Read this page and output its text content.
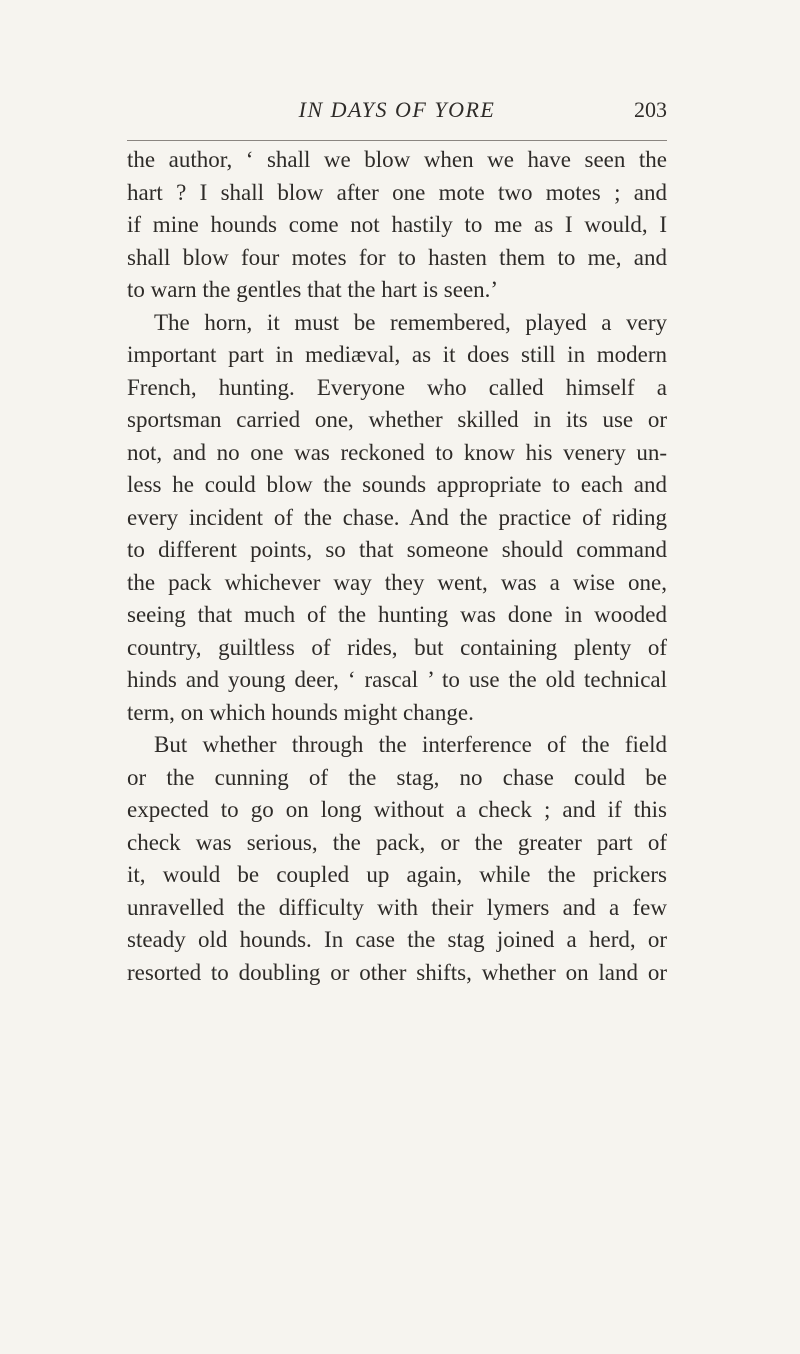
IN DAYS OF YORE	203
the author, ‘ shall we blow when we have seen the
hart ? I shall blow after one mote two motes ; and
if mine hounds come not hastily to me as I would, I
shall blow four motes for to hasten them to me, and
to warn the gentles that the hart is seen.’
The horn, it must be remembered, played a very
important part in mediæval, as it does still in modern
French, hunting. Everyone who called himself a
sportsman carried one, whether skilled in its use or
not, and no one was reckoned to know his venery un-
less he could blow the sounds appropriate to each and
every incident of the chase. And the practice of riding
to different points, so that someone should command
the pack whichever way they went, was a wise one,
seeing that much of the hunting was done in wooded
country, guiltless of rides, but containing plenty of
hinds and young deer, ‘ rascal ’ to use the old technical
term, on which hounds might change.
But whether through the interference of the field
or the cunning of the stag, no chase could be
expected to go on long without a check ; and if this
check was serious, the pack, or the greater part of
it, would be coupled up again, while the prickers
unravelled the difficulty with their lymers and a few
steady old hounds. In case the stag joined a herd, or
resorted to doubling or other shifts, whether on land or
